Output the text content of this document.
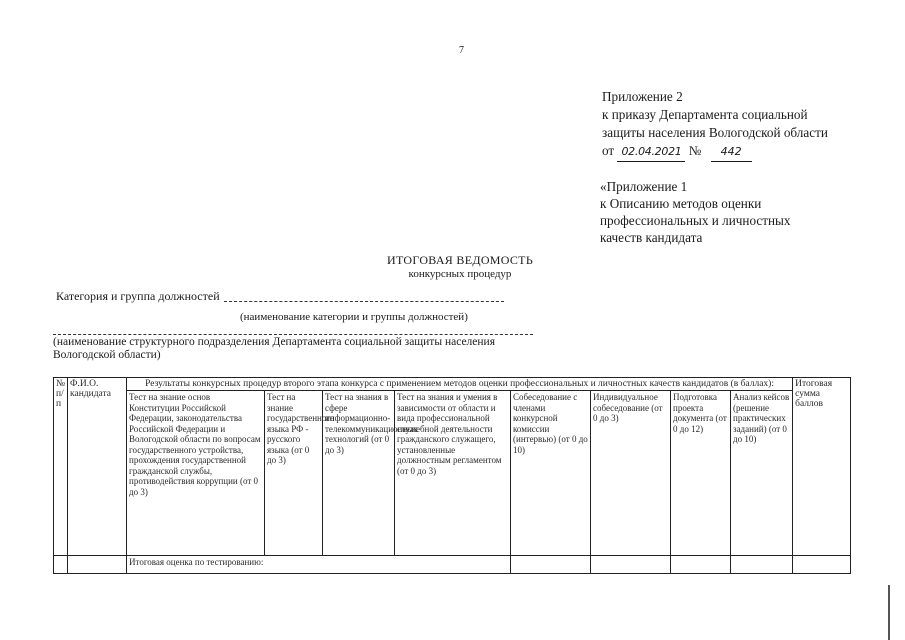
7
Приложение 2
к приказу Департамента социальной
защиты населения Вологодской области
от 02.04.2021 № 442
«Приложение 1
к Описанию методов оценки
профессиональных и личностных
качеств кандидата
ИТОГОВАЯ ВЕДОМОСТЬ
конкурсных процедур
Категория и группа должностей
(наименование категории и группы должностей)
(наименование структурного подразделения Департамента социальной защиты населения Вологодской области)
№ п/п	Ф.И.О. кандидата	Результаты конкурсных процедур второго этапа конкурса с применением методов оценки профессиональных и личностных качеств кандидатов (в баллах):								Итоговая сумма баллов
		Тест на знание основ Конституции Российской Федерации, законодательства Российской Федерации и Вологодской области по вопросам государственного устройства, прохождения государственной гражданской службы, противодействия коррупции (от 0 до 3)	Тест на знание государственного языка РФ - русского языка (от 0 до 3)	Тест на знания в сфере информационно-телекоммуникационных технологий (от 0 до 3)	Тест на знания и умения в зависимости от области и вида профессиональной служебной деятельности гражданского служащего, установленные должностным регламентом (от 0 до 3)	Собеседование с членами конкурсной комиссии (интервью) (от 0 до 10)	Индивидуальное собеседование (от 0 до 3)	Подготовка проекта документа (от 0 до 12)	Анализ кейсов (решение практических заданий) (от 0 до 10)	
		Итоговая оценка по тестированию:								
